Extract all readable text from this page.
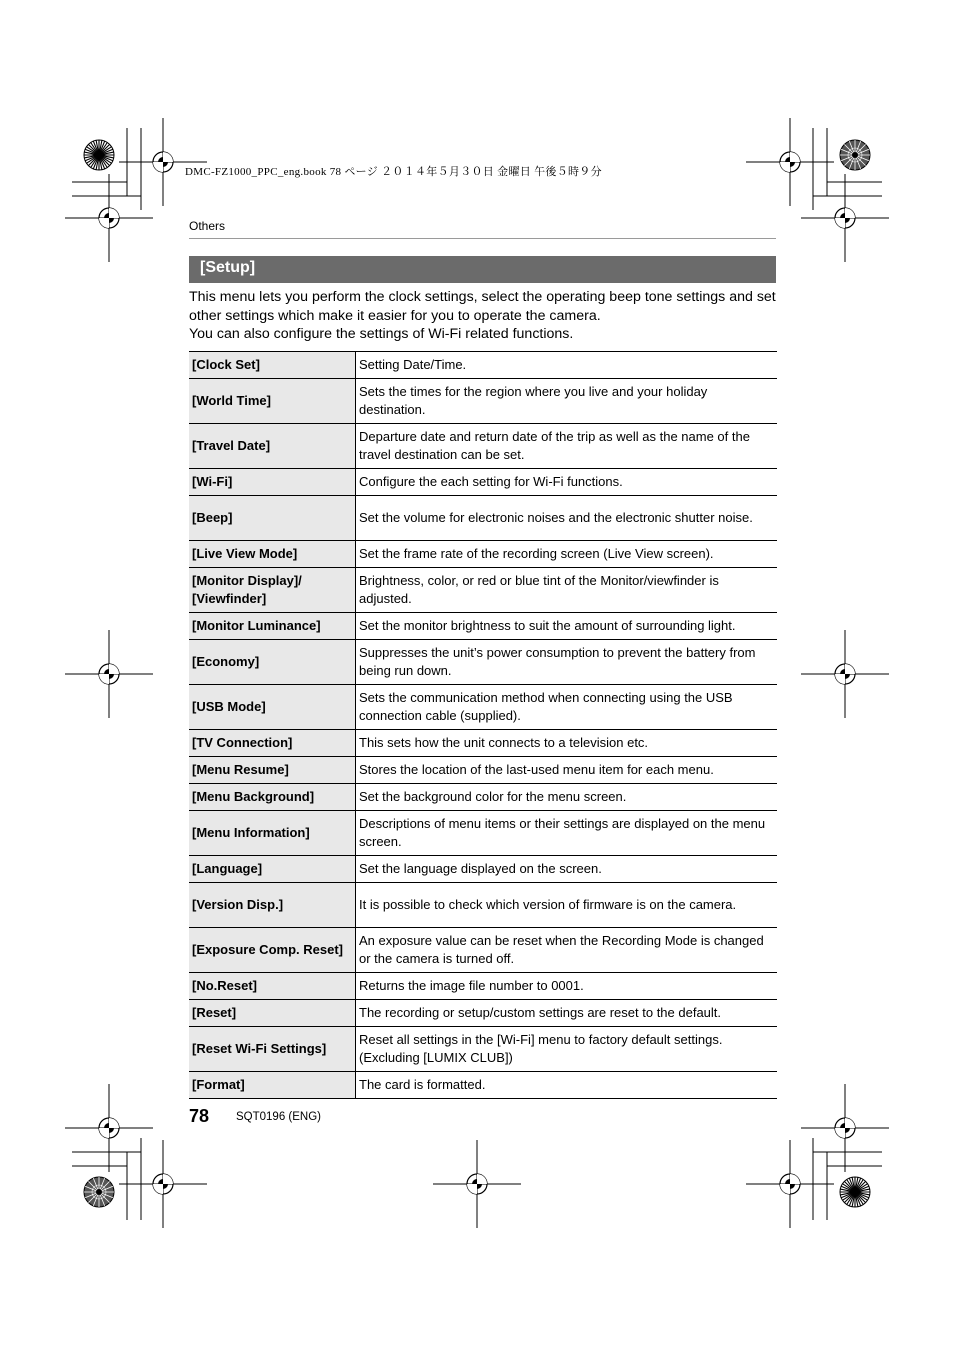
DMC-FZ1000_PPC_eng.book 78 ページ ２０１４年５月３０日 金曜日 午後５時９分
Others
[Setup]

This menu lets you perform the clock settings, select the operating beep tone settings and set other settings which make it easier for you to operate the camera.

You can also configure the settings of Wi-Fi related functions.

[Clock Set]	Setting Date/Time.
[World Time]	Sets the times for the region where you live and your holiday destination.
[Travel Date]	Departure date and return date of the trip as well as the name of the travel destination can be set.
[Wi-Fi]	Configure the each setting for Wi-Fi functions.
[Beep]	Set the volume for electronic noises and the electronic shutter noise.
[Live View Mode]	Set the frame rate of the recording screen (Live View screen).
[Monitor Display]/ [Viewfinder]	Brightness, color, or red or blue tint of the Monitor/viewfinder is adjusted.
[Monitor Luminance]	Set the monitor brightness to suit the amount of surrounding light.
[Economy]	Suppresses the unit’s power consumption to prevent the battery from being run down.
[USB Mode]	Sets the communication method when connecting using the USB connection cable (supplied).
[TV Connection]	This sets how the unit connects to a television etc.
[Menu Resume]	Stores the location of the last-used menu item for each menu.
[Menu Background]	Set the background color for the menu screen.
[Menu Information]	Descriptions of menu items or their settings are displayed on the menu screen.
[Language]	Set the language displayed on the screen.
[Version Disp.]	It is possible to check which version of firmware is on the camera.
[Exposure Comp. Reset]	An exposure value can be reset when the Recording Mode is changed or the camera is turned off.
[No.Reset]	Returns the image file number to 0001.
[Reset]	The recording or setup/custom settings are reset to the default.
[Reset Wi-Fi Settings]	Reset all settings in the [Wi-Fi] menu to factory default settings. (Excluding [LUMIX CLUB])
[Format]	The card is formatted.
78 SQT0196 (ENG)
